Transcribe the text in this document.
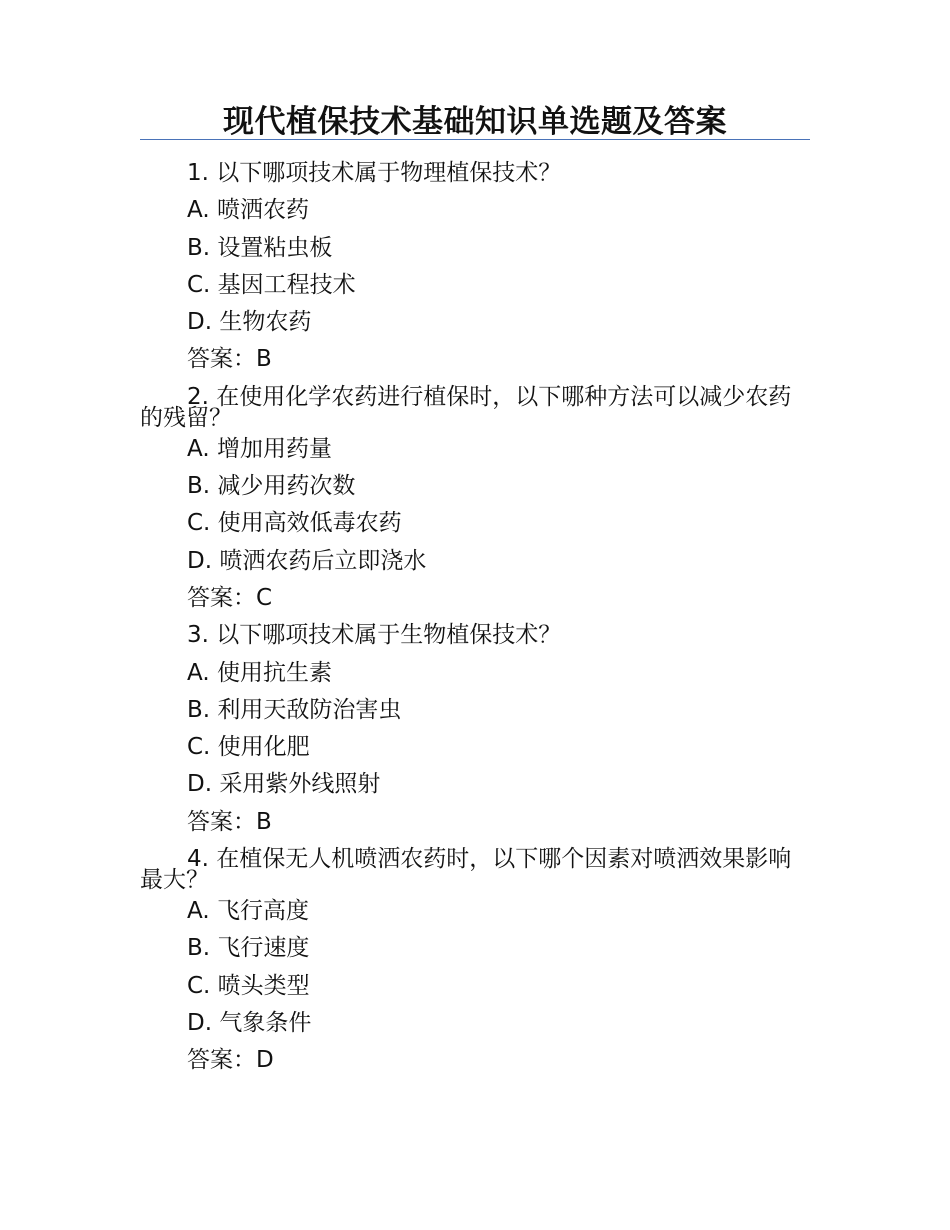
现代植保技术基础知识单选题及答案
1. 以下哪项技术属于物理植保技术？
A. 喷洒农药
B. 设置粘虫板
C. 基因工程技术
D. 生物农药
答案：B
2. 在使用化学农药进行植保时，以下哪种方法可以减少农药的残留？
A. 增加用药量
B. 减少用药次数
C. 使用高效低毒农药
D. 喷洒农药后立即浇水
答案：C
3. 以下哪项技术属于生物植保技术？
A. 使用抗生素
B. 利用天敌防治害虫
C. 使用化肥
D. 采用紫外线照射
答案：B
4. 在植保无人机喷洒农药时，以下哪个因素对喷洒效果影响最大？
A. 飞行高度
B. 飞行速度
C. 喷头类型
D. 气象条件
答案：D
